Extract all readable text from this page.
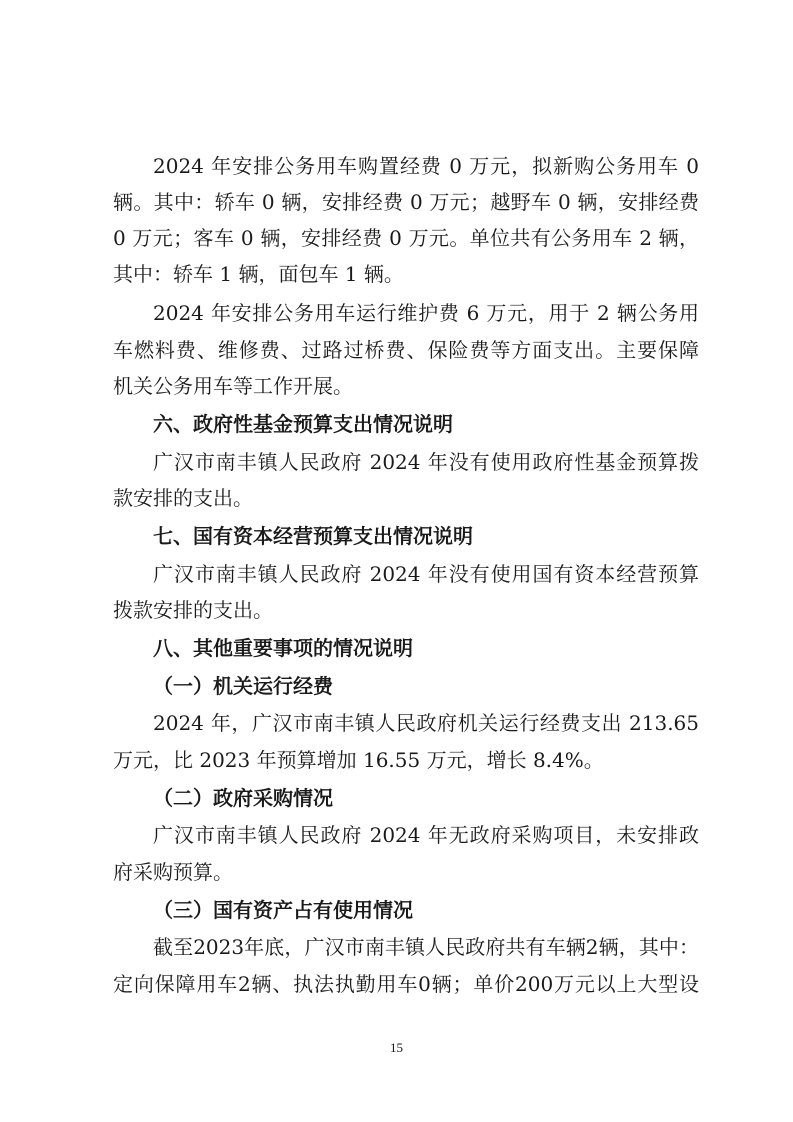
2024 年安排公务用车购置经费 0 万元，拟新购公务用车 0
辆。其中：轿车 0 辆，安排经费 0 万元；越野车 0 辆，安排经费
0 万元；客车 0 辆，安排经费 0 万元。单位共有公务用车 2 辆，
其中：轿车 1 辆，面包车 1 辆。
2024 年安排公务用车运行维护费 6 万元，用于 2 辆公务用
车燃料费、维修费、过路过桥费、保险费等方面支出。主要保障
机关公务用车等工作开展。
六、政府性基金预算支出情况说明
广汉市南丰镇人民政府 2024 年没有使用政府性基金预算拨
款安排的支出。
七、国有资本经营预算支出情况说明
广汉市南丰镇人民政府 2024 年没有使用国有资本经营预算
拨款安排的支出。
八、其他重要事项的情况说明
（一）机关运行经费
2024 年，广汉市南丰镇人民政府机关运行经费支出 213.65
万元，比 2023 年预算增加 16.55 万元，增长 8.4%。
（二）政府采购情况
广汉市南丰镇人民政府 2024 年无政府采购项目，未安排政
府采购预算。
（三）国有资产占有使用情况
截至2023年底，广汉市南丰镇人民政府共有车辆2辆，其中：
定向保障用车2辆、执法执勤用车0辆；单价200万元以上大型设
15
